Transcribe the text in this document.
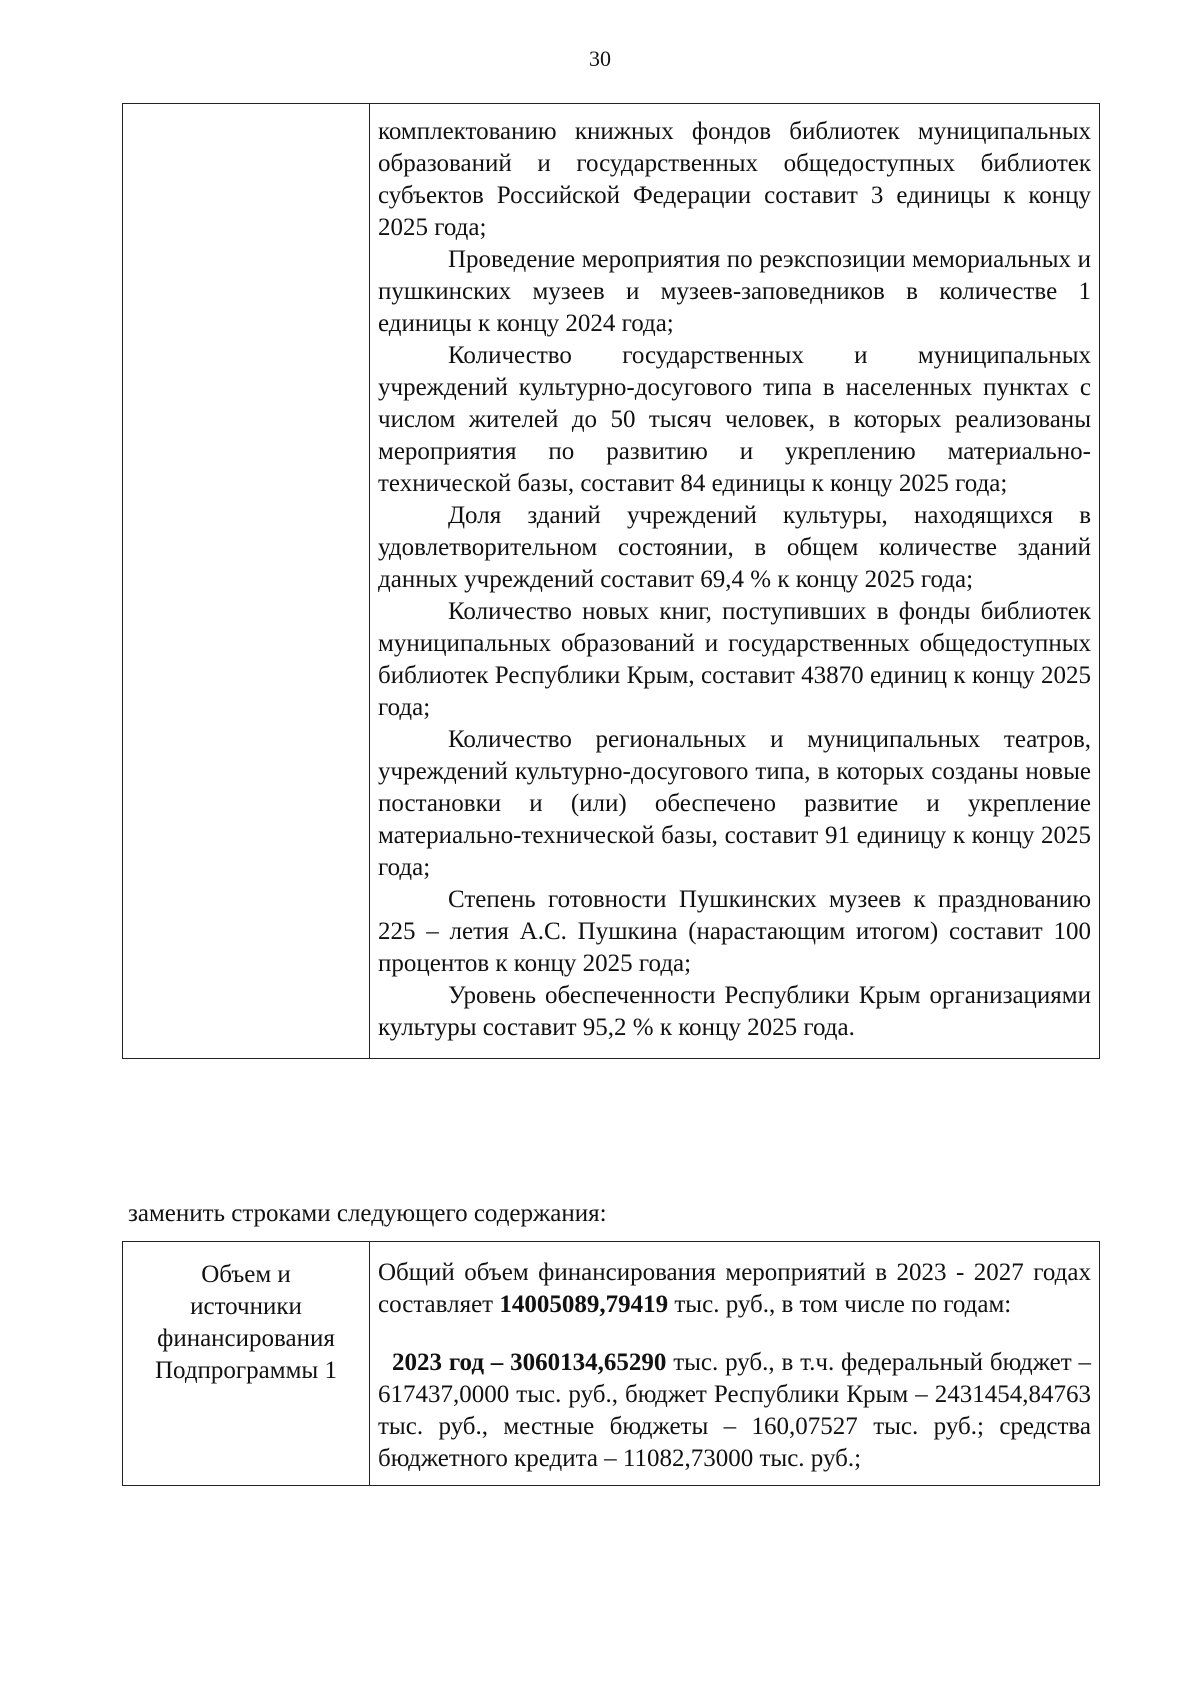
30

комплектованию книжных фондов библиотек муниципальных образований и государственных общедоступных библиотек субъектов Российской Федерации составит 3 единицы к концу 2025 года;

Проведение мероприятия по реэкспозиции мемориальных и пушкинских музеев и музеев-заповедников в количестве 1 единицы к концу 2024 года;

Количество государственных и муниципальных учреждений культурно-досугового типа в населенных пунктах с числом жителей до 50 тысяч человек, в которых реализованы мероприятия по развитию и укреплению материально-технической базы, составит 84 единицы к концу 2025 года;

Доля зданий учреждений культуры, находящихся в удовлетворительном состоянии, в общем количестве зданий данных учреждений составит 69,4 % к концу 2025 года;

Количество новых книг, поступивших в фонды библиотек муниципальных образований и государственных общедоступных библиотек Республики Крым, составит 43870 единиц к концу 2025 года;

Количество региональных и муниципальных театров, учреждений культурно-досугового типа, в которых созданы новые постановки и (или) обеспечено развитие и укрепление материально-технической базы, составит 91 единицу к концу 2025 года;

Степень готовности Пушкинских музеев к празднованию 225 – летия А.С. Пушкина (нарастающим итогом) составит 100 процентов к концу 2025 года;

Уровень обеспеченности Республики Крым организациями культуры составит 95,2 % к концу 2025 года.

заменить строками следующего содержания:
Объем и
источники
финансирования
Подпрограммы 1

Общий объем финансирования мероприятий в 2023 - 2027 годах составляет 14005089,79419 тыс. руб., в том числе по годам:

2023 год – 3060134,65290 тыс. руб., в т.ч. федеральный бюджет – 617437,0000 тыс. руб., бюджет Республики Крым – 2431454,84763 тыс. руб., местные бюджеты – 160,07527 тыс. руб.; средства бюджетного кредита – 11082,73000 тыс. руб.;
